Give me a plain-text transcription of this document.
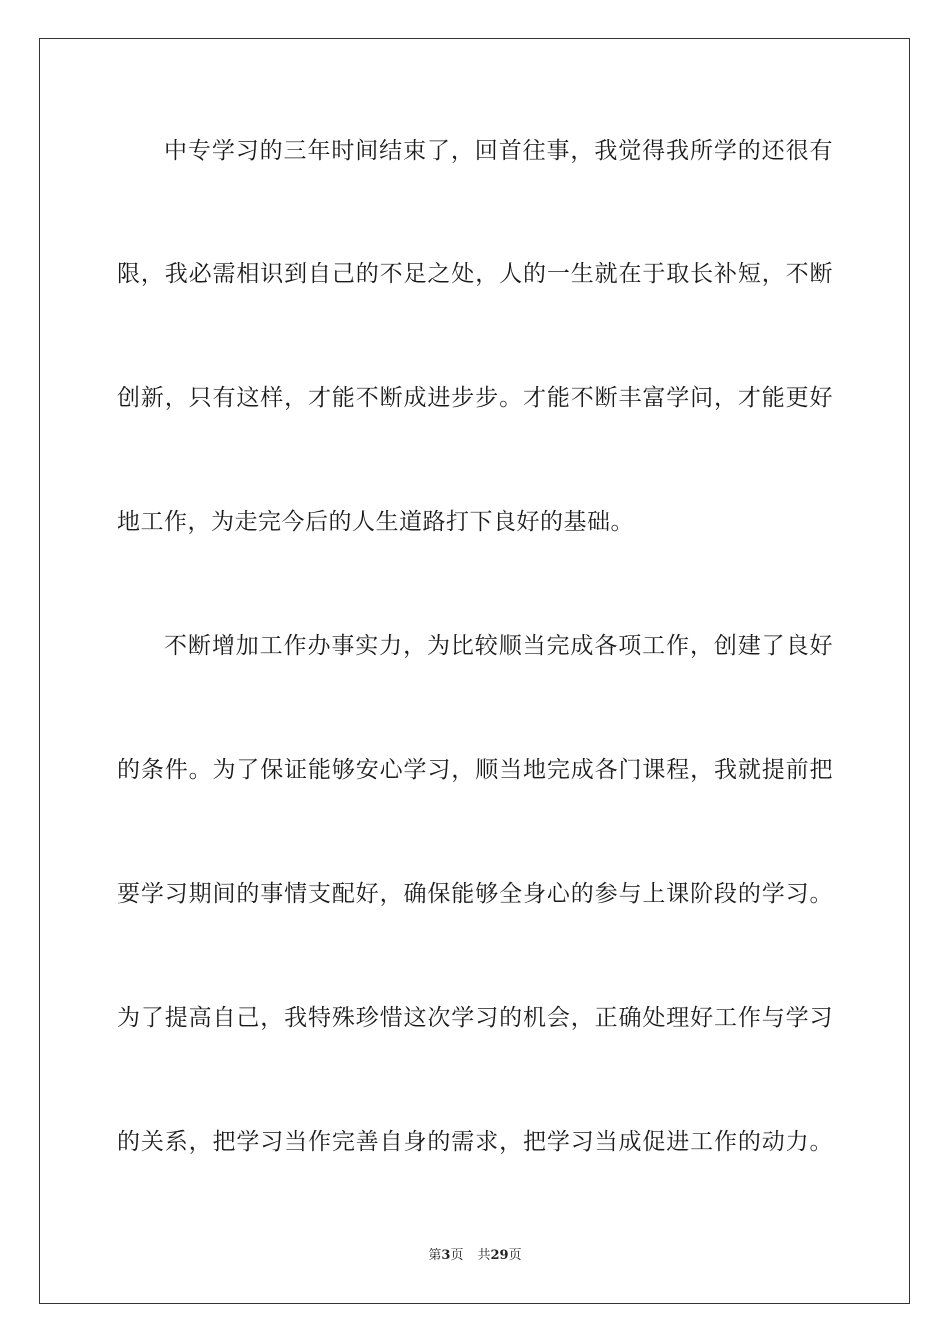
中专学习的三年时间结束了，回首往事，我觉得我所学的还很有
限，我必需相识到自己的不足之处，人的一生就在于取长补短，不断
创新，只有这样，才能不断成进步步。才能不断丰富学问，才能更好
地工作，为走完今后的人生道路打下良好的基础。
不断增加工作办事实力，为比较顺当完成各项工作，创建了良好
的条件。为了保证能够安心学习，顺当地完成各门课程，我就提前把
要学习期间的事情支配好，确保能够全身心的参与上课阶段的学习。
为了提高自己，我特殊珍惜这次学习的机会，正确处理好工作与学习
的关系，把学习当作完善自身的需求，把学习当成促进工作的动力。
第3页 共29页
